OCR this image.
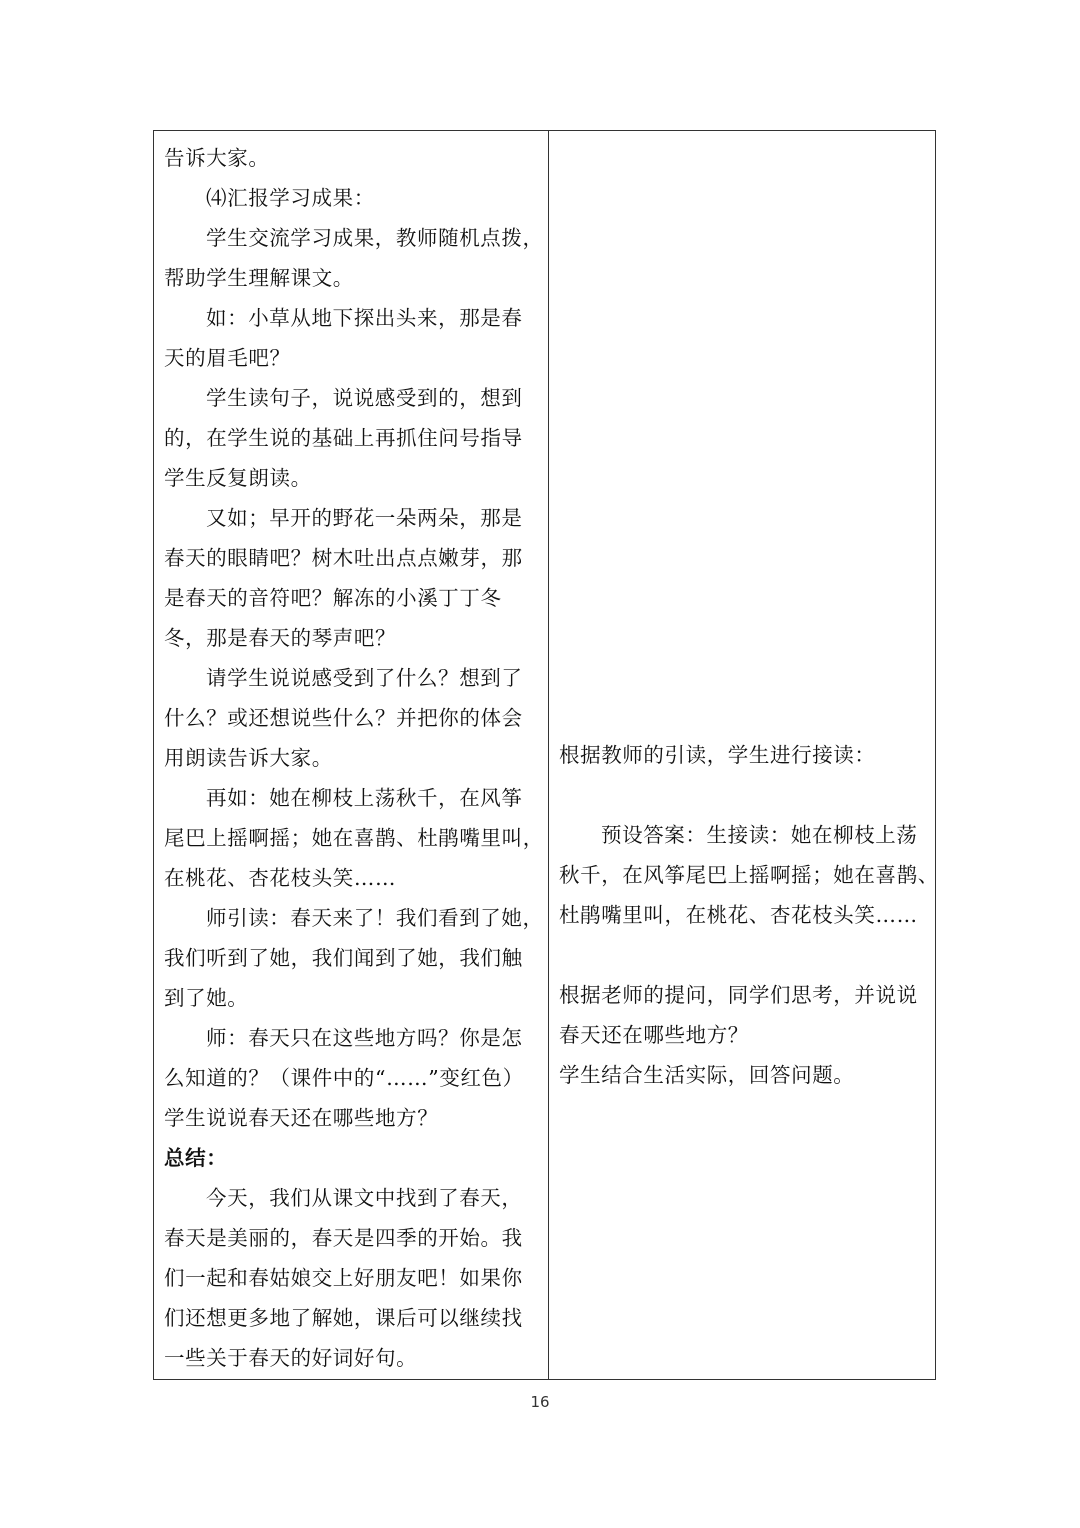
告诉大家。

⑷汇报学习成果：

学生交流学习成果，教师随机点拨，

帮助学生理解课文。

如：小草从地下探出头来，那是春

天的眉毛吧？

学生读句子，说说感受到的，想到

的，在学生说的基础上再抓住问号指导

学生反复朗读。

又如；早开的野花一朵两朵，那是

春天的眼睛吧？树木吐出点点嫩芽，那

是春天的音符吧？解冻的小溪丁丁冬

冬，那是春天的琴声吧？

请学生说说感受到了什么？想到了

什么？或还想说些什么？并把你的体会

用朗读告诉大家。

再如：她在柳枝上荡秋千，在风筝

尾巴上摇啊摇；她在喜鹊、杜鹃嘴里叫，

在桃花、杏花枝头笑……

师引读：春天来了！我们看到了她，

我们听到了她，我们闻到了她，我们触

到了她。

师：春天只在这些地方吗？你是怎

么知道的？（课件中的“……”变红色）

学生说说春天还在哪些地方？

总结：

今天，我们从课文中找到了春天，

春天是美丽的，春天是四季的开始。我

们一起和春姑娘交上好朋友吧！如果你

们还想更多地了解她，课后可以继续找

一些关于春天的好词好句。

根据教师的引读，学生进行接读：

预设答案：生接读：她在柳枝上荡

秋千，在风筝尾巴上摇啊摇；她在喜鹊、

杜鹃嘴里叫，在桃花、杏花枝头笑……

根据老师的提问，同学们思考，并说说

春天还在哪些地方？

学生结合生活实际，回答问题。

16
